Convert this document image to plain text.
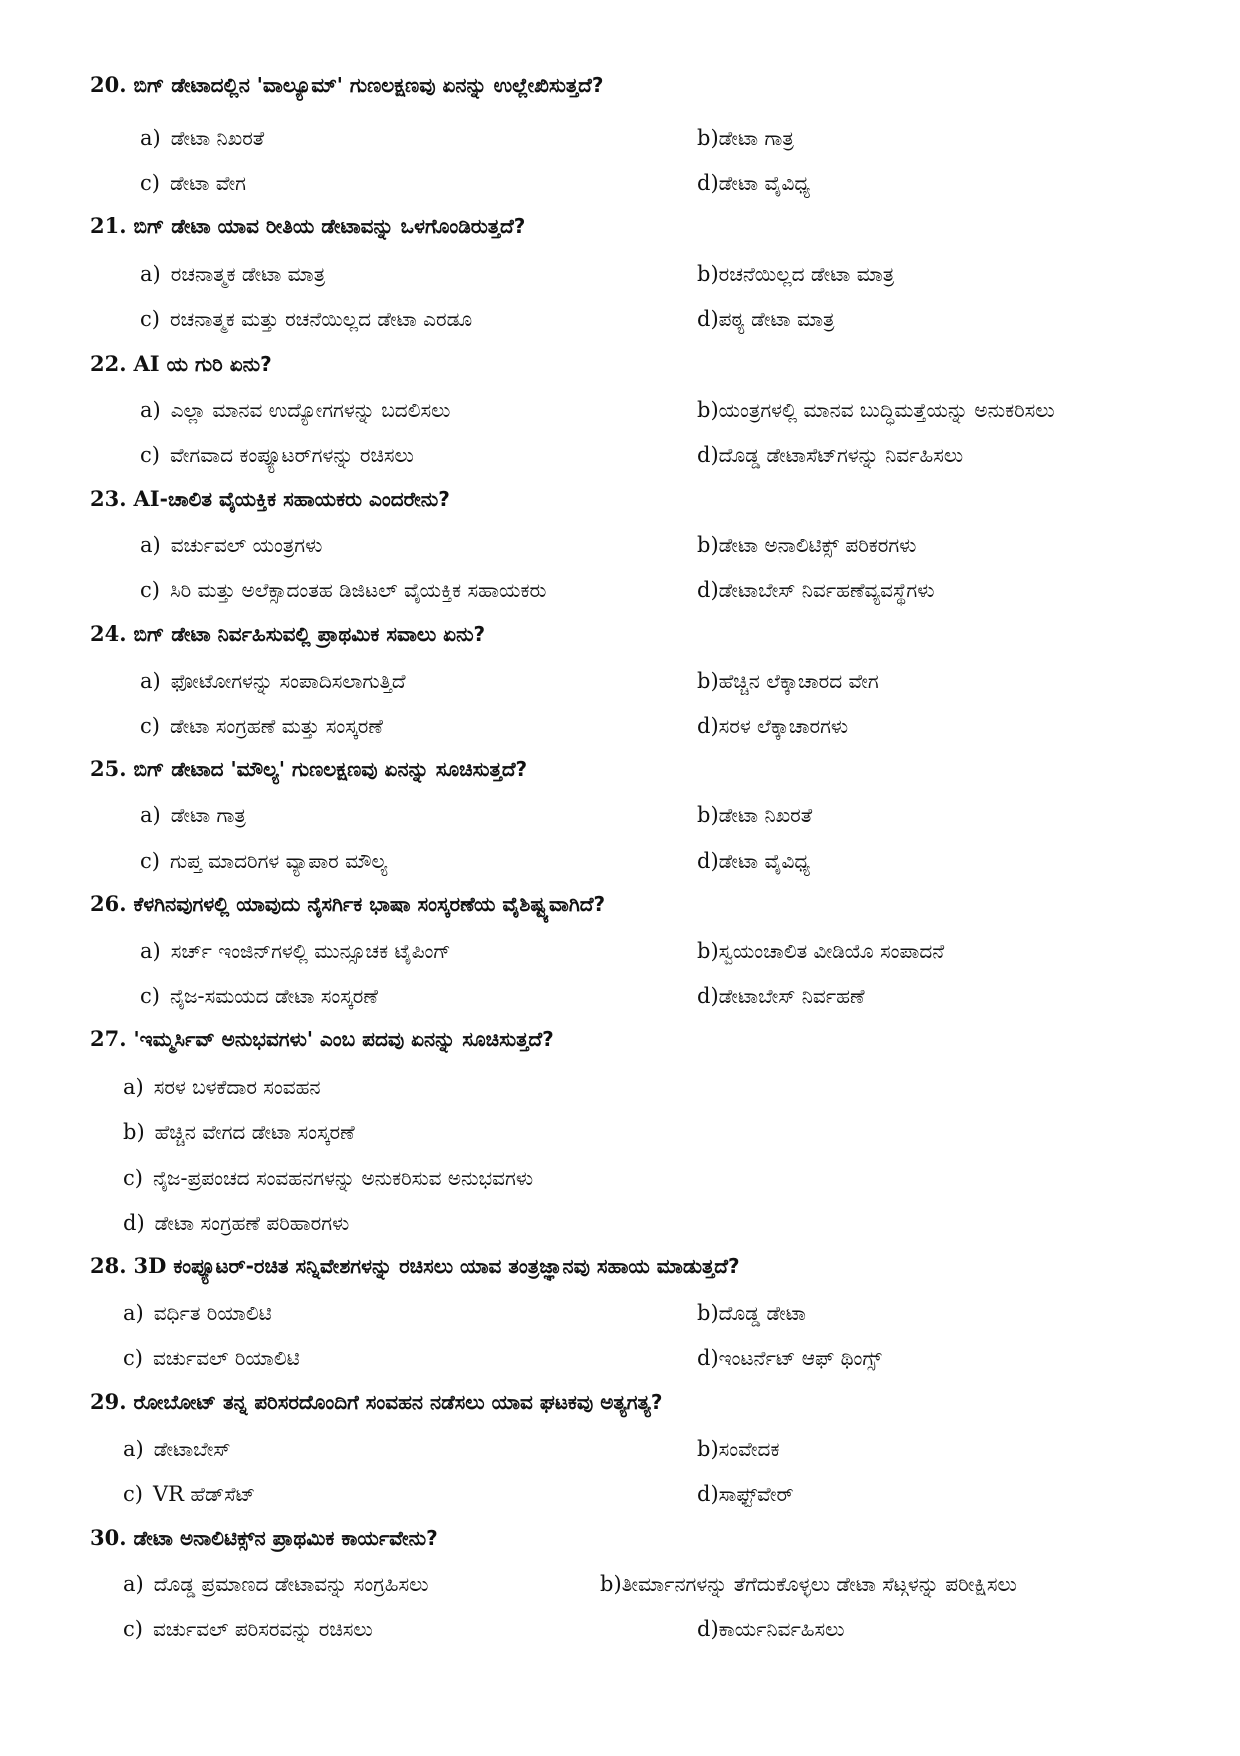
20. ಬಿಗ್ ಡೇಟಾದಲ್ಲಿನ 'ವಾಲ್ಯೂಮ್' ಗುಣಲಕ್ಷಣವು ಏನನ್ನು ಉಲ್ಲೇಖಿಸುತ್ತದೆ?
a) ಡೇಟಾ ನಿಖರತೆ	b)ಡೇಟಾ ಗಾತ್ರ
c) ಡೇಟಾ ವೇಗ	d)ಡೇಟಾ ವೈವಿಧ್ಯ
21. ಬಿಗ್ ಡೇಟಾ ಯಾವ ರೀತಿಯ ಡೇಟಾವನ್ನು ಒಳಗೊಂಡಿರುತ್ತದೆ?
a) ರಚನಾತ್ಮಕ ಡೇಟಾ ಮಾತ್ರ	b)ರಚನೆಯಿಲ್ಲದ ಡೇಟಾ ಮಾತ್ರ
c) ರಚನಾತ್ಮಕ ಮತ್ತು ರಚನೆಯಿಲ್ಲದ ಡೇಟಾ ಎರಡೂ	d)ಪಠ್ಯ ಡೇಟಾ ಮಾತ್ರ
22. AI ಯ ಗುರಿ ಏನು?
a) ಎಲ್ಲಾ ಮಾನವ ಉದ್ಯೋಗಗಳನ್ನು ಬದಲಿಸಲು	b)ಯಂತ್ರಗಳಲ್ಲಿ ಮಾನವ ಬುದ್ಧಿಮತ್ತೆಯನ್ನು ಅನುಕರಿಸಲು
c) ವೇಗವಾದ ಕಂಪ್ಯೂಟರ್‌ಗಳನ್ನು ರಚಿಸಲು	d)ದೊಡ್ಡ ಡೇಟಾಸೆಟ್‌ಗಳನ್ನು ನಿರ್ವಹಿಸಲು
23. AI-ಚಾಲಿತ ವೈಯಕ್ತಿಕ ಸಹಾಯಕರು ಎಂದರೇನು?
a) ವರ್ಚುವಲ್ ಯಂತ್ರಗಳು	b)ಡೇಟಾ ಅನಾಲಿಟಿಕ್ಸ್ ಪರಿಕರಗಳು
c) ಸಿರಿ ಮತ್ತು ಅಲೆಕ್ಸಾದಂತಹ ಡಿಜಿಟಲ್ ವೈಯಕ್ತಿಕ ಸಹಾಯಕರು	d)ಡೇಟಾಬೇಸ್ ನಿರ್ವಹಣೆವ್ಯವಸ್ಥೆಗಳು
24. ಬಿಗ್ ಡೇಟಾ ನಿರ್ವಹಿಸುವಲ್ಲಿ ಪ್ರಾಥಮಿಕ ಸವಾಲು ಏನು?
a) ಫೋಟೋಗಳನ್ನು ಸಂಪಾದಿಸಲಾಗುತ್ತಿದೆ	b)ಹೆಚ್ಚಿನ ಲೆಕ್ಕಾಚಾರದ ವೇಗ
c) ಡೇಟಾ ಸಂಗ್ರಹಣೆ ಮತ್ತು ಸಂಸ್ಕರಣೆ	d)ಸರಳ ಲೆಕ್ಕಾಚಾರಗಳು
25. ಬಿಗ್ ಡೇಟಾದ 'ಮೌಲ್ಯ' ಗುಣಲಕ್ಷಣವು ಏನನ್ನು ಸೂಚಿಸುತ್ತದೆ?
a) ಡೇಟಾ ಗಾತ್ರ	b)ಡೇಟಾ ನಿಖರತೆ
c) ಗುಪ್ತ ಮಾದರಿಗಳ ವ್ಯಾಪಾರ ಮೌಲ್ಯ	d)ಡೇಟಾ ವೈವಿಧ್ಯ
26. ಕೆಳಗಿನವುಗಳಲ್ಲಿ ಯಾವುದು ನೈಸರ್ಗಿಕ ಭಾಷಾ ಸಂಸ್ಕರಣೆಯ ವೈಶಿಷ್ಟ್ಯವಾಗಿದೆ?
a) ಸರ್ಚ್ ಇಂಜಿನ್‌ಗಳಲ್ಲಿ ಮುನ್ಸೂಚಕ ಟೈಪಿಂಗ್	b)ಸ್ವಯಂಚಾಲಿತ ವೀಡಿಯೊ ಸಂಪಾದನೆ
c) ನೈಜ-ಸಮಯದ ಡೇಟಾ ಸಂಸ್ಕರಣೆ	d)ಡೇಟಾಬೇಸ್ ನಿರ್ವಹಣೆ
27. 'ಇಮ್ಮರ್ಸಿವ್ ಅನುಭವಗಳು' ಎಂಬ ಪದವು ಏನನ್ನು ಸೂಚಿಸುತ್ತದೆ?
a) ಸರಳ ಬಳಕೆದಾರ ಸಂವಹನ
b) ಹೆಚ್ಚಿನ ವೇಗದ ಡೇಟಾ ಸಂಸ್ಕರಣೆ
c) ನೈಜ-ಪ್ರಪಂಚದ ಸಂವಹನಗಳನ್ನು ಅನುಕರಿಸುವ ಅನುಭವಗಳು
d) ಡೇಟಾ ಸಂಗ್ರಹಣೆ ಪರಿಹಾರಗಳು
28. 3D ಕಂಪ್ಯೂಟರ್-ರಚಿತ ಸನ್ನಿವೇಶಗಳನ್ನು ರಚಿಸಲು ಯಾವ ತಂತ್ರಜ್ಞಾನವು ಸಹಾಯ ಮಾಡುತ್ತದೆ?
a) ವರ್ಧಿತ ರಿಯಾಲಿಟಿ	b)ದೊಡ್ಡ ಡೇಟಾ
c) ವರ್ಚುವಲ್ ರಿಯಾಲಿಟಿ	d)ಇಂಟರ್ನೆಟ್ ಆಫ್ ಥಿಂಗ್ಸ್
29. ರೋಬೋಟ್ ತನ್ನ ಪರಿಸರದೊಂದಿಗೆ ಸಂವಹನ ನಡೆಸಲು ಯಾವ ಘಟಕವು ಅತ್ಯಗತ್ಯ?
a) ಡೇಟಾಬೇಸ್	b)ಸಂವೇದಕ
c) VR ಹೆಡ್‌ಸೆಟ್	d)ಸಾಫ್ಟ್‌ವೇರ್
30. ಡೇಟಾ ಅನಾಲಿಟಿಕ್ಸ್‌ನ ಪ್ರಾಥಮಿಕ ಕಾರ್ಯವೇನು?
a) ದೊಡ್ಡ ಪ್ರಮಾಣದ ಡೇಟಾವನ್ನು ಸಂಗ್ರಹಿಸಲು	b)ತೀರ್ಮಾನಗಳನ್ನು ತೆಗೆದುಕೊಳ್ಳಲು ಡೇಟಾ ಸೆಟ್ಗಳನ್ನು ಪರೀಕ್ಷಿಸಲು
c) ವರ್ಚುವಲ್ ಪರಿಸರವನ್ನು ರಚಿಸಲು	d)ಕಾರ್ಯನಿರ್ವಹಿಸಲು
